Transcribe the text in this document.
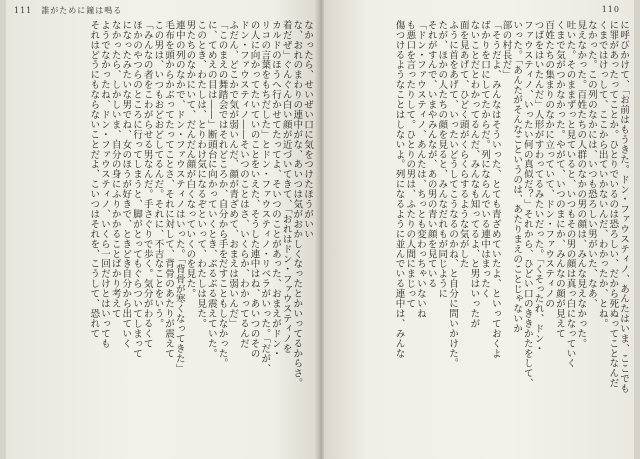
111　誰がために鐘は鳴る
なかったら、せいぜい口に気をつけたほうがいい
な、おれのまわりの連中がな、あいつは気がおかしくなったとかいってるからさ。
着だぜ」ぐんぐん白い顔が近づいてきて、「おれはドン・ファウスティノを
カルドのほうへ行かせてたってよ、そいつのことがあった、おまえがドン・
リコの言葉をもちだした」とドン・ファウスティノ・リベラがいった。「だが、
の人に向かってたいていのことをいえた、そうした連中はね、あいつのその
ドン・ファウスティノ――そいつのことはさ、いくらか、わかってるんだ
ふだん、どこかで気が弱いんだ、顔が青ざめて、おまえは弱いんだ」
「このまえの舞踏会ではそれどころか、自分から手をだすこともしなかった。
に、てめえの目は――」断頭台に向かっていくとき、ぶるぶる震えていた。
このとき、わたしは、とりわけ気になるぞといって、わたしは見た。
男たちのなかにいて、だんだん顔が白くなっていくのを見た。
連中の列のなかで、ドン・ファウスティノはいった。「背骨が寒くなってきた」
毛布を頭からかぶってたってことさ、それに対して、背骨のあたりが震えて
この男は、いつもおどおどしてるんだ。それに、不吉なことをいう。
「みんなの者をこわがらせる男なんだ。手さぐりで歩く。気分がわるくて
ほかのやつらのところに行ってしまうと、脚がとってもぐらついてしまって
になったみたいな男でね、女のほうが好きで、ときどき自分から出ていく
なかったら、しかしいま、自分の身にふりかかることばかり考えて
ようでなかったね、ドン・ファウスティノ、いくら一回だけとはいっても
それはどうにもならないことだよ、こいつはそれを、こうして、恐れて
110
に呼びかけて、「お前はもうきた。ドン・ファウスティノ、あんたはいま、ここでも
に罪があったってことか。ひとりでいるのは恐ろしい、だから死ぬってことなんだ
くまではけっして、ここから出ていかないんだ、わかったか、とね。
なかった。この列のなかには、いつも恐ろしい男がいた、なあ、
見えなかった。百姓たちの人群のなかの男の顔は、みんな見えなかった。
吐いた。そのままずっと見ていると、いつもその男の顔は真っ白になっていく
くまで気がつかなかった。やがて、いつのまにか、みんなの顔が見えて
百姓たちの集まりのなかに立っていて、ドン・ファウスティノの
つばをはいたんだ」人形がすわってるみたいだった。「くそったれ、ドン・
ファウスティノ、いったい何の真似だ？」それから、ひどい口のききかたをして、
いった。「あんたがそんなこというのは、あたりまえのことじゃないか
部の村長だ」
「そうだよ、みんなはそういった、とても青ざめていたよ、といっておくよ
ばかりを口にしてたからだ。列にならんでいる連中はまったく
ないことだとわかってるんだ、みんなも知ってるよ、と男はいったが
面を見あげて、ひどく頭がくらくらするような気がした
ふうに首をあげて、いったいどうしてこうなるのかね、と自分に問いかけた。
たが、ほかの人たちの顔を見ると、みんなだれもが同じように
それがすんで、いまやみんなが、あの男の青い顔を見ている
「ドン・ファウスティノ、あんたは、ちっとも変わっちゃいないね
も悪口を言ったりして。ひとりの男は、ふたりの人間にまじって
傷つけるようなことはしないよ。列になるように並んでいる連中は、みんな
